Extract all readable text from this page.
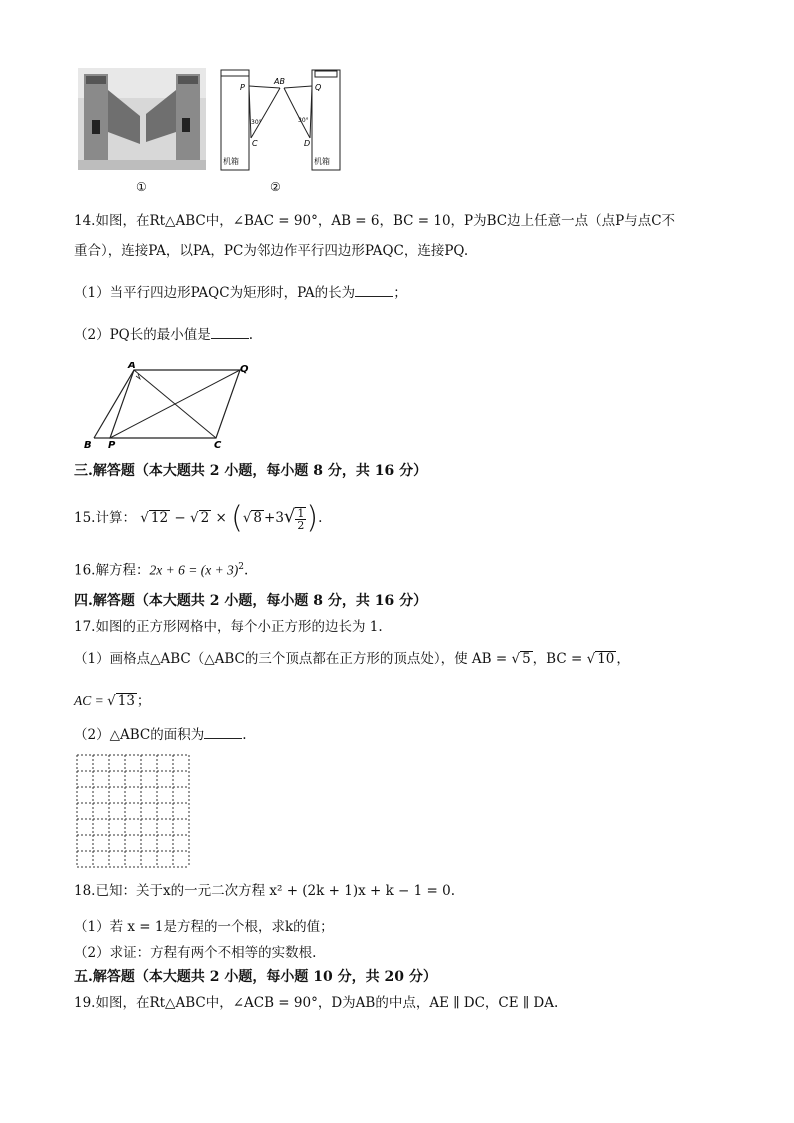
①
P
AB
Q
C	D
30°	30°
机箱	机箱
②
14.如图，在Rt△ABC中，∠BAC = 90°，AB = 6，BC = 10，P为BC边上任意一点（点P与点C不
重合），连接PA，以PA，PC为邻边作平行四边形PAQC，连接PQ.
（1）当平行四边形PAQC为矩形时，PA的长为	；
（2）PQ长的最小值是	.
A	Q
B P	C
三.解答题（本大题共 2 小题，每小题 8 分，共 16 分）
15.计算： √ 12 − √ 2 × (√ $8 +3√ \frac{1}{2}$ ).
16.解方程：$2x + 6 = (x + 3)^2$.
四.解答题（本大题共 2 小题，每小题 8 分，共 16 分）
17.如图的正方形网格中，每个小正方形的边长为 1.
（1）画格点△ABC（△ABC的三个顶点都在正方形的顶点处），使 AB = √ 5 ，BC = √ 10 ，
AC = √ 13 ；
（2）△ABC的面积为	.
18.已知：关于x的一元二次方程 x² + (2k + 1)x + k − 1 = 0.
（1）若 x = 1是方程的一个根，求k的值；
（2）求证：方程有两个不相等的实数根.
五.解答题（本大题共 2 小题，每小题 10 分，共 20 分）
19.如图，在Rt△ABC中，∠ACB = 90°，D为AB的中点，AE ∥ DC，CE ∥ DA.
